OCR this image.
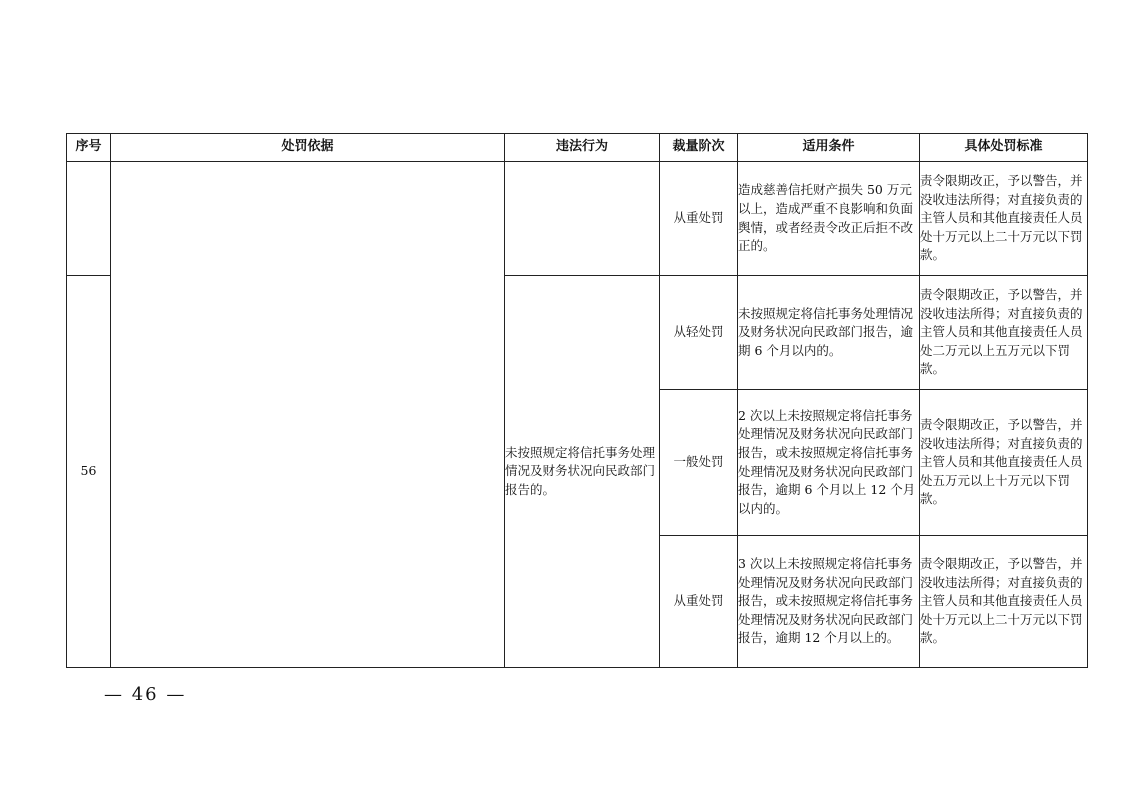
序号	处罚依据	违法行为	裁量阶次	适用条件	具体处罚标准
			从重处罚	造成慈善信托财产损失 50 万元以上，造成严重不良影响和负面舆情，或者经责令改正后拒不改正的。	责令限期改正，予以警告，并没收违法所得；对直接负责的主管人员和其他直接责任人员处十万元以上二十万元以下罚款。
56		未按照规定将信托事务处理情况及财务状况向民政部门报告的。	从轻处罚	未按照规定将信托事务处理情况及财务状况向民政部门报告，逾期 6 个月以内的。	责令限期改正，予以警告，并没收违法所得；对直接负责的主管人员和其他直接责任人员处二万元以上五万元以下罚款。
			一般处罚	2 次以上未按照规定将信托事务处理情况及财务状况向民政部门报告，或未按照规定将信托事务处理情况及财务状况向民政部门报告，逾期 6 个月以上 12 个月以内的。	责令限期改正，予以警告，并没收违法所得；对直接负责的主管人员和其他直接责任人员处五万元以上十万元以下罚款。
			从重处罚	3 次以上未按照规定将信托事务处理情况及财务状况向民政部门报告，或未按照规定将信托事务处理情况及财务状况向民政部门报告，逾期 12 个月以上的。	责令限期改正，予以警告，并没收违法所得；对直接负责的主管人员和其他直接责任人员处十万元以上二十万元以下罚款。
— 46 —
